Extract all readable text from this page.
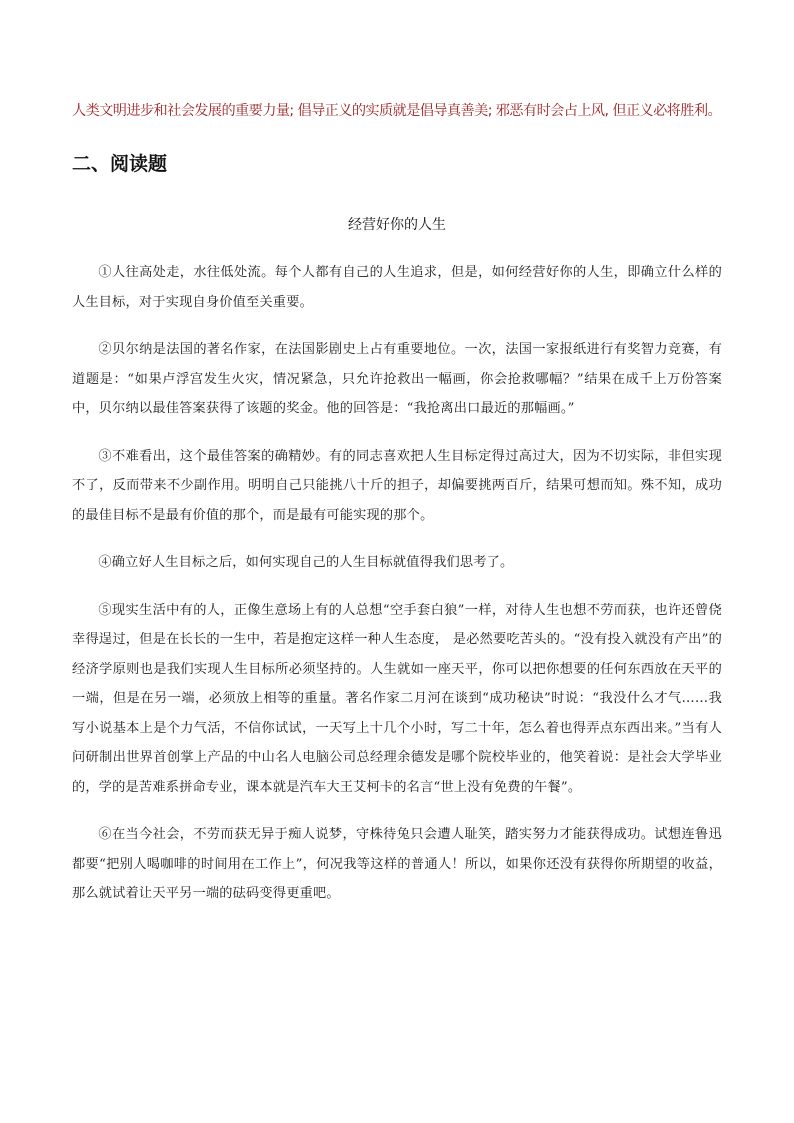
人类文明进步和社会发展的重要力量; 倡导正义的实质就是倡导真善美; 邪恶有时会占上风, 但正义必将胜利。
二、阅读题
经营好你的人生

①人往高处走，水往低处流。每个人都有自己的人生追求，但是，如何经营好你的人生，即确立什么样的人生目标，对于实现自身价值至关重要。

②贝尔纳是法国的著名作家，在法国影剧史上占有重要地位。一次，法国一家报纸进行有奖智力竞赛，有道题是：“如果卢浮宫发生火灾，情况紧急，只允许抢救出一幅画，你会抢救哪幅？”结果在成千上万份答案中，贝尔纳以最佳答案获得了该题的奖金。他的回答是：“我抢离出口最近的那幅画。”

③不难看出，这个最佳答案的确精妙。有的同志喜欢把人生目标定得过高过大，因为不切实际，非但实现不了，反而带来不少副作用。明明自己只能挑八十斤的担子，却偏要挑两百斤，结果可想而知。殊不知，成功的最佳目标不是最有价值的那个，而是最有可能实现的那个。

④确立好人生目标之后，如何实现自己的人生目标就值得我们思考了。

⑤现实生活中有的人，正像生意场上有的人总想“空手套白狼”一样，对待人生也想不劳而获，也许还曾侥幸得逞过，但是在长长的一生中，若是抱定这样一种人生态度， 是必然要吃苦头的。“没有投入就没有产出”的经济学原则也是我们实现人生目标所必须坚持的。人生就如一座天平，你可以把你想要的任何东西放在天平的一端，但是在另一端，必须放上相等的重量。著名作家二月河在谈到“成功秘诀”时说：“我没什么才气……我写小说基本上是个力气活，不信你试试，一天写上十几个小时，写二十年，怎么着也得弄点东西出来。”当有人问研制出世界首创掌上产品的中山名人电脑公司总经理余德发是哪个院校毕业的，他笑着说：是社会大学毕业的，学的是苦难系拼命专业，课本就是汽车大王艾柯卡的名言“世上没有免费的午餐”。

⑥在当今社会，不劳而获无异于痴人说梦，守株待兔只会遭人耻笑，踏实努力才能获得成功。试想连鲁迅都要“把别人喝咖啡的时间用在工作上”，何况我等这样的普通人！所以，如果你还没有获得你所期望的收益，那么就试着让天平另一端的砝码变得更重吧。
